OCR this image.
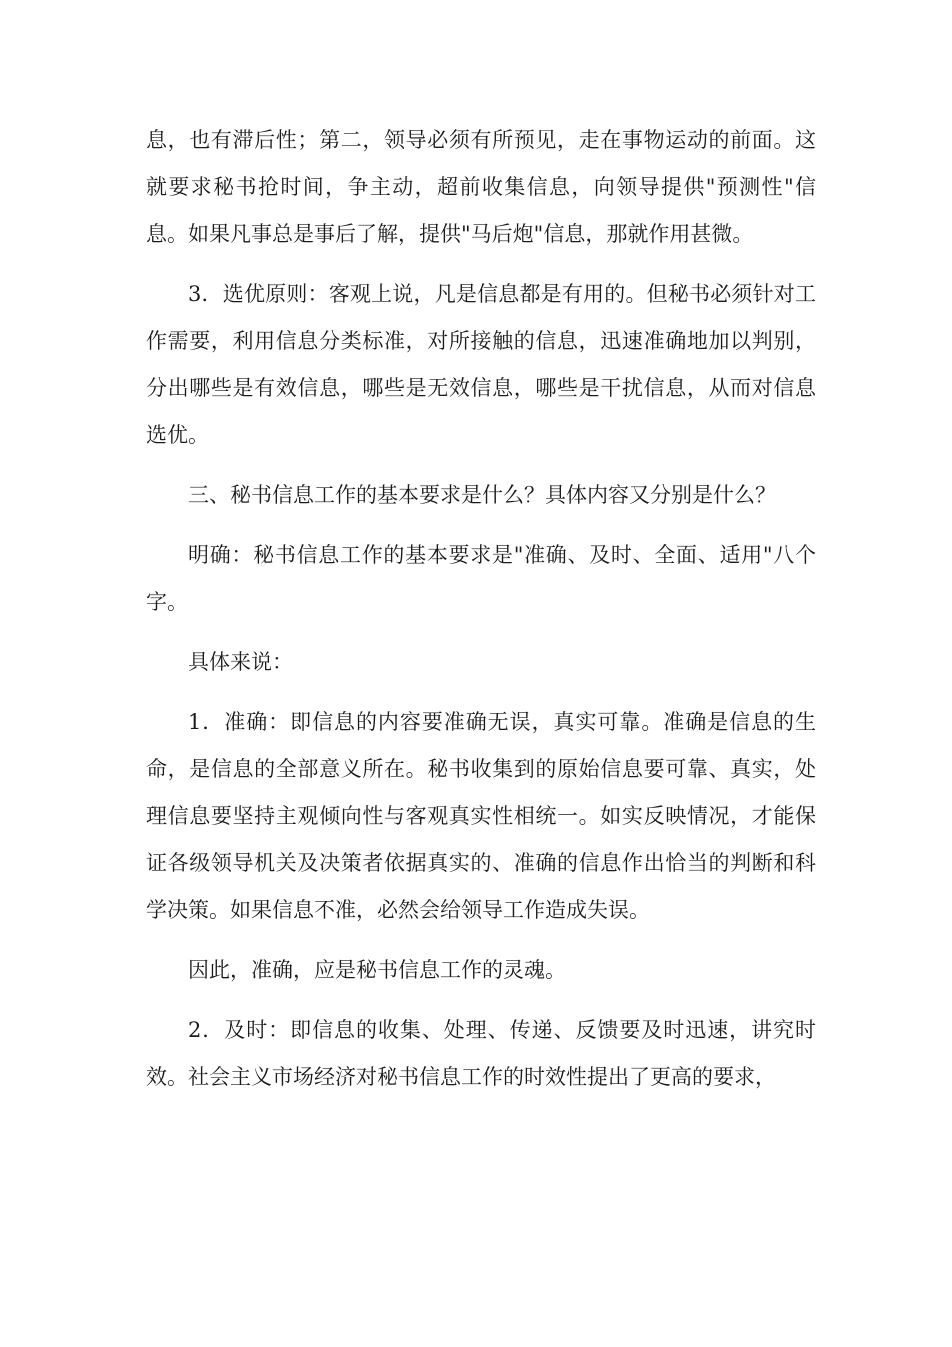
息，也有滞后性；第二，领导必须有所预见，走在事物运动的前面。这就要求秘书抢时间，争主动，超前收集信息，向领导提供"预测性"信息。如果凡事总是事后了解，提供"马后炮"信息，那就作用甚微。

3．选优原则：客观上说，凡是信息都是有用的。但秘书必须针对工作需要，利用信息分类标准，对所接触的信息，迅速准确地加以判别，分出哪些是有效信息，哪些是无效信息，哪些是干扰信息，从而对信息选优。

三、秘书信息工作的基本要求是什么？具体内容又分别是什么？

明确：秘书信息工作的基本要求是"准确、及时、全面、适用"八个字。

具体来说：

1．准确：即信息的内容要准确无误，真实可靠。准确是信息的生命，是信息的全部意义所在。秘书收集到的原始信息要可靠、真实，处理信息要坚持主观倾向性与客观真实性相统一。如实反映情况，才能保证各级领导机关及决策者依据真实的、准确的信息作出恰当的判断和科学决策。如果信息不准，必然会给领导工作造成失误。

因此，准确，应是秘书信息工作的灵魂。

2．及时：即信息的收集、处理、传递、反馈要及时迅速，讲究时效。社会主义市场经济对秘书信息工作的时效性提出了更高的要求，
